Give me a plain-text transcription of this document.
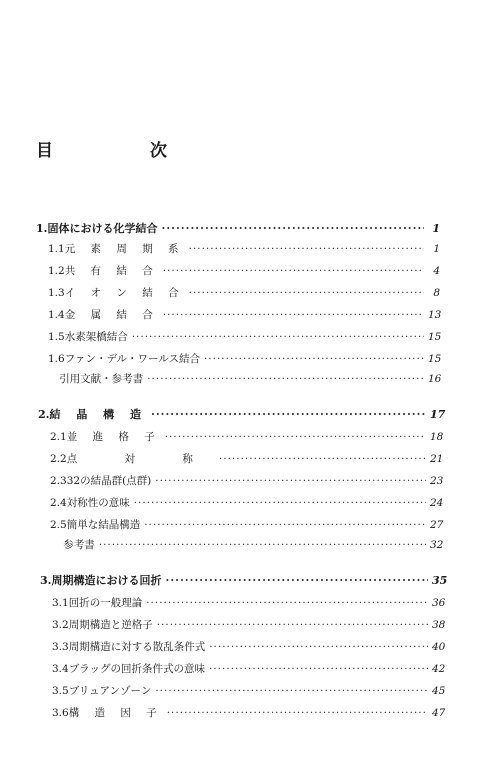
目　次
1. 固体における化学結合 ·····	1
1.1 元 素 周 期 系 ·····	1
1.2 共 有 結 合 ·····	4
1.3 イ オ ン 結 合 ·····	8
1.4 金 属 結 合 ·····	13
1.5 水素架橋結合 ·····	15
1.6 ファン・デル・ワールス結合 ·····	15
引用文献・参考書 ·····	16
2. 結 晶 構 造 ·····	17
2.1 並 進 格 子 ·····	18
2.2 点 対 称 ·····	21
2.3 32の結晶群(点群) ·····	23
2.4 対称性の意味 ·····	24
2.5 簡単な結晶構造 ·····	27
参考書 ·····	32
3. 周期構造における回折 ·····	35
3.1 回折の一般理論 ·····	36
3.2 周期構造と逆格子 ·····	38
3.3 周期構造に対する散乱条件式 ·····	40
3.4 ブラッグの回折条件式の意味 ·····	42
3.5 ブリュアンゾーン ·····	45
3.6 構 造 因 子 ·····	47
